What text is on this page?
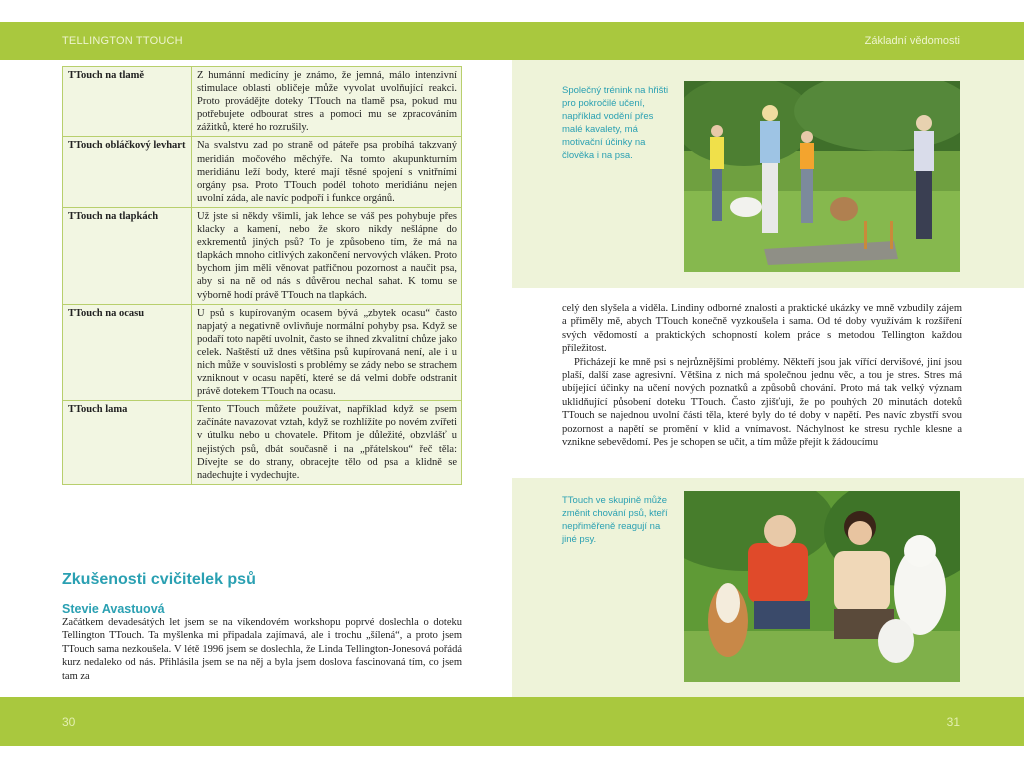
TELLINGTON TTOUCH	Základní vědomosti
TTouch na tlamě	Z humánní medicíny je známo, že jemná, málo intenzivní stimulace oblasti obličeje může vyvolat uvolňující reakci. Proto provádějte doteky TTouch na tlamě psa, pokud mu potřebujete odbourat stres a pomoci mu se zpracováním zážitků, které ho rozrušily.
TTouch obláčkový levhart	Na svalstvu zad po straně od páteře psa probíhá takzvaný meridián močového měchýře. Na tomto akupunkturním meridiánu leží body, které mají těsné spojení s vnitřními orgány psa. Proto TTouch podél tohoto meridiánu nejen uvolní záda, ale navíc podpoří i funkce orgánů.
TTouch na tlapkách	Už jste si někdy všimli, jak lehce se váš pes pohybuje přes klacky a kamení, nebo že skoro nikdy nešlápne do exkrementů jiných psů? To je způsobeno tím, že má na tlapkách mnoho citlivých zakončení nervových vláken. Proto bychom jim měli věnovat patřičnou pozornost a naučit psa, aby si na ně od nás s důvěrou nechal sahat. K tomu se výborně hodí právě TTouch na tlapkách.
TTouch na ocasu	U psů s kupírovaným ocasem bývá „zbytek ocasu“ často napjatý a negativně ovlivňuje normální pohyby psa. Když se podaří toto napětí uvolnit, často se ihned zkvalitní chůze jako celek. Naštěstí už dnes většina psů kupírovaná není, ale i u nich může v souvislosti s problémy se zády nebo se strachem vzniknout v ocasu napětí, které se dá velmi dobře odstranit právě dotekem TTouch na ocasu.
TTouch lama	Tento TTouch můžete používat, například když se psem začínáte navazovat vztah, když se rozhlížíte po novém zvířeti v útulku nebo u chovatele. Přitom je důležité, obzvlášť u nejistých psů, dbát současně i na „přátelskou“ řeč těla: Dívejte se do strany, obracejte tělo od psa a klidně se nadechujte i vydechujte.
Zkušenosti cvičitelek psů
Stevie Avastuová
Začátkem devadesátých let jsem se na víkendovém workshopu poprvé doslechla o doteku Tellington TTouch. Ta myšlenka mi připadala zajímavá, ale i trochu „šílená“, a proto jsem TTouch sama nezkoušela. V létě 1996 jsem se doslechla, že Linda Tellington-Jonesová pořádá kurz nedaleko od nás. Přihlásila jsem se na něj a byla jsem doslova fascinovaná tím, co jsem tam za
Společný trénink na hřišti pro pokročilé učení, například vodění přes malé kavalety, má motivační účinky na člověka i na psa.

celý den slyšela a viděla. Lindiny odborné znalosti a praktické ukázky ve mně vzbudily zájem a přiměly mě, abych TTouch konečně vyzkoušela i sama. Od té doby využívám k rozšíření svých vědomostí a praktických schopností kolem práce s metodou Tellington každou příležitost.

Přicházejí ke mně psi s nejrůznějšími problémy. Někteří jsou jak vířící dervišové, jiní jsou plaší, další zase agresivní. Většina z nich má společnou jednu věc, a tou je stres. Stres má ubíjející účinky na učení nových poznatků a způsobů chování. Proto má tak velký význam uklidňující působení doteku TTouch. Často zjišťuji, že po pouhých 20 minutách doteků TTouch se najednou uvolní části těla, které byly do té doby v napětí. Pes navíc zbystří svou pozornost a napětí se promění v klid a vnímavost. Náchylnost ke stresu rychle klesne a vznikne sebevědomí. Pes je schopen se učit, a tím může přejít k žádoucímu

TTouch ve skupině může změnit chování psů, kteří nepřiměřeně reagují na jiné psy.
30	31
